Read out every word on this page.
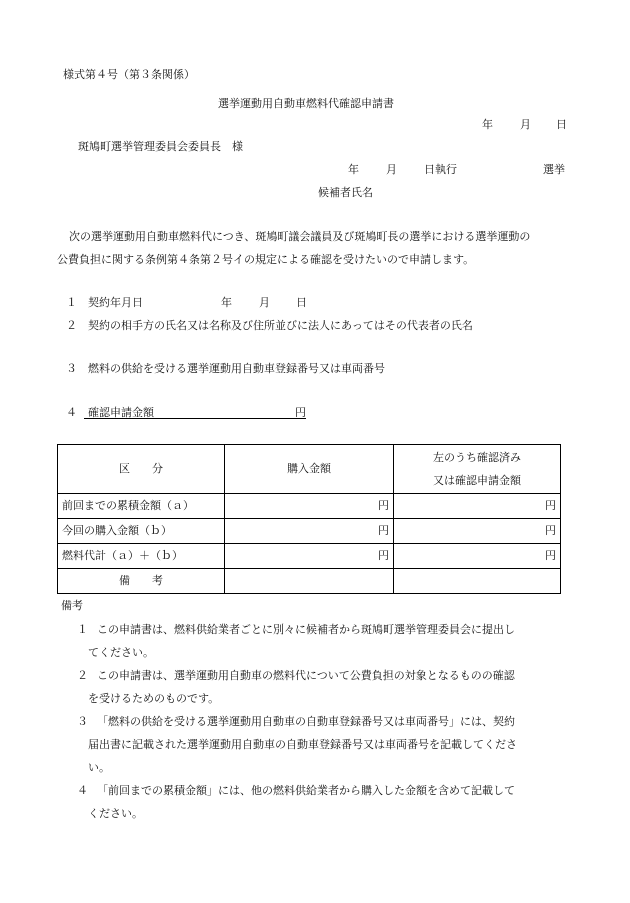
様式第４号（第３条関係）
選挙運動用自動車燃料代確認申請書
年 月 日
斑鳩町選挙管理委員会委員長　様
年 月 日執行	選挙
候補者氏名
次の選挙運動用自動車燃料代につき、斑鳩町議会議員及び斑鳩町長の選挙における選挙運動の
公費負担に関する条例第４条第２号イの規定による確認を受けたいので申請します。
１ 契約年月日	年 月 日
２ 契約の相手方の氏名又は名称及び住所並びに法人にあってはその代表者の氏名
３ 燃料の供給を受ける選挙運動用自動車登録番号又は車両番号
４ 確認申請金額	円
区　　分	購入金額	左のうち確認済み
又は確認申請金額

前回までの累積金額（ａ）	円	円
今回の購入金額（ｂ）	円	円
燃料代計（ａ）＋（ｂ）	円	円
備　　考		
備考
１ この申請書は、燃料供給業者ごとに別々に候補者から斑鳩町選挙管理委員会に提出し
てください。
２ この申請書は、選挙運動用自動車の燃料代について公費負担の対象となるものの確認
を受けるためのものです。
３ 「燃料の供給を受ける選挙運動用自動車の自動車登録番号又は車両番号」には、契約
届出書に記載された選挙運動用自動車の自動車登録番号又は車両番号を記載してくださ
い。
４ 「前回までの累積金額」には、他の燃料供給業者から購入した金額を含めて記載して
ください。
